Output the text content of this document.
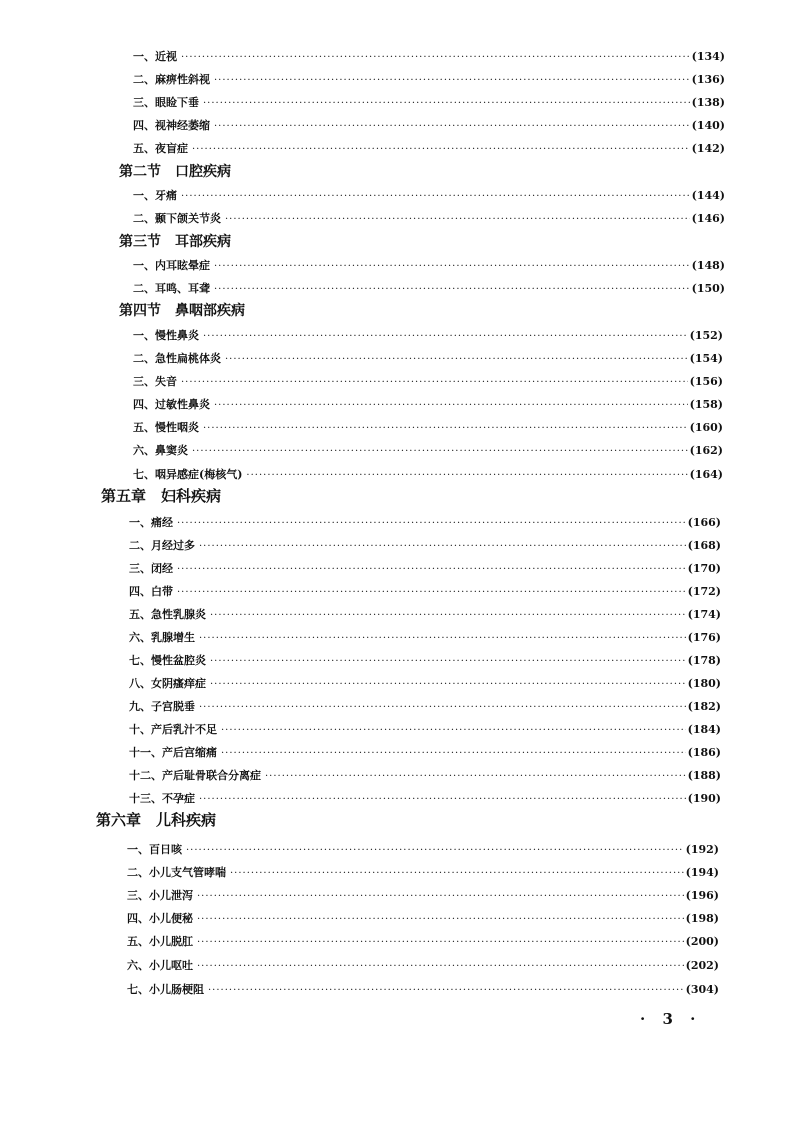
一、近视 ·····	(134)
二、麻痹性斜视 ·····	(136)
三、眼睑下垂 ·····	(138)
四、视神经萎缩 ·····	(140)
五、夜盲症 ·····	(142)
第二节　口腔疾病
一、牙痛 ·····	(144)
二、颞下颌关节炎 ·····	(146)
第三节　耳部疾病
一、内耳眩晕症 ·····	(148)
二、耳鸣、耳聋 ·····	(150)
第四节　鼻咽部疾病
一、慢性鼻炎 ·····	(152)
二、急性扁桃体炎 ·····	(154)
三、失音 ·····	(156)
四、过敏性鼻炎 ·····	(158)
五、慢性咽炎 ·····	(160)
六、鼻窦炎 ·····	(162)
七、咽异感症(梅核气) ·····	(164)
第五章　妇科疾病
一、痛经 ·····	(166)
二、月经过多 ·····	(168)
三、闭经 ·····	(170)
四、白带 ·····	(172)
五、急性乳腺炎 ·····	(174)
六、乳腺增生 ·····	(176)
七、慢性盆腔炎 ·····	(178)
八、女阴瘙痒症 ·····	(180)
九、子宫脱垂 ·····	(182)
十、产后乳汁不足 ·····	(184)
十一、产后宫缩痛 ·····	(186)
十二、产后耻骨联合分离症 ·····	(188)
十三、不孕症 ·····	(190)
第六章　儿科疾病
一、百日咳 ·····	(192)
二、小儿支气管哮喘 ·····	(194)
三、小儿泄泻 ·····	(196)
四、小儿便秘 ·····	(198)
五、小儿脱肛 ·····	(200)
六、小儿呕吐 ·····	(202)
七、小儿肠梗阻 ·····	(304)
· 3 ·
